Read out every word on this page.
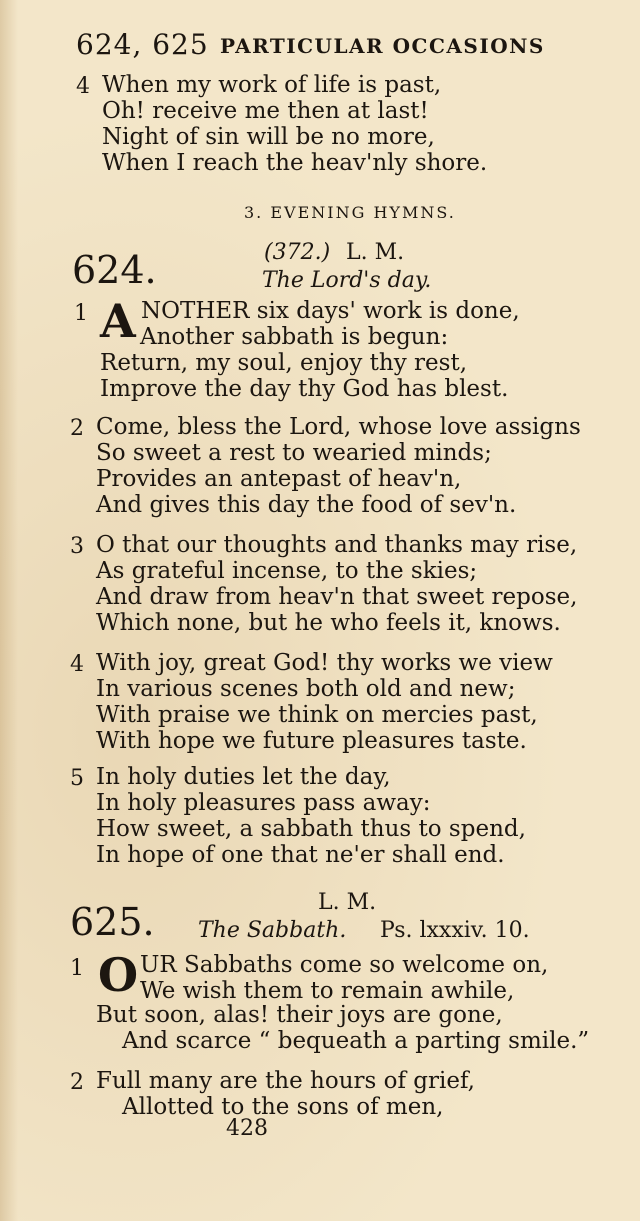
624, 625 PARTICULAR OCCASIONS
4 When my work of life is past,
Oh! receive me then at last!
Night of sin will be no more,
When I reach the heav'nly shore.
3. EVENING HYMNS.
624.	(372.) L. M.
The Lord's day.
1 A NOTHER six days' work is done,
Another sabbath is begun:
Return, my soul, enjoy thy rest,
Improve the day thy God has blest.
2 Come, bless the Lord, whose love assigns
So sweet a rest to wearied minds;
Provides an antepast of heav'n,
And gives this day the food of sev'n.
3 O that our thoughts and thanks may rise,
As grateful incense, to the skies;
And draw from heav'n that sweet repose,
Which none, but he who feels it, knows.
4 With joy, great God! thy works we view
In various scenes both old and new;
With praise we think on mercies past,
With hope we future pleasures taste.
5 In holy duties let the day,
In holy pleasures pass away:
How sweet, a sabbath thus to spend,
In hope of one that ne'er shall end.
L. M.
625. The Sabbath. Ps. lxxxiv. 10.
1 O UR Sabbaths come so welcome on,
We wish them to remain awhile,
But soon, alas! their joys are gone,
And scarce “ bequeath a parting smile.”
2 Full many are the hours of grief,
Allotted to the sons of men,
428
